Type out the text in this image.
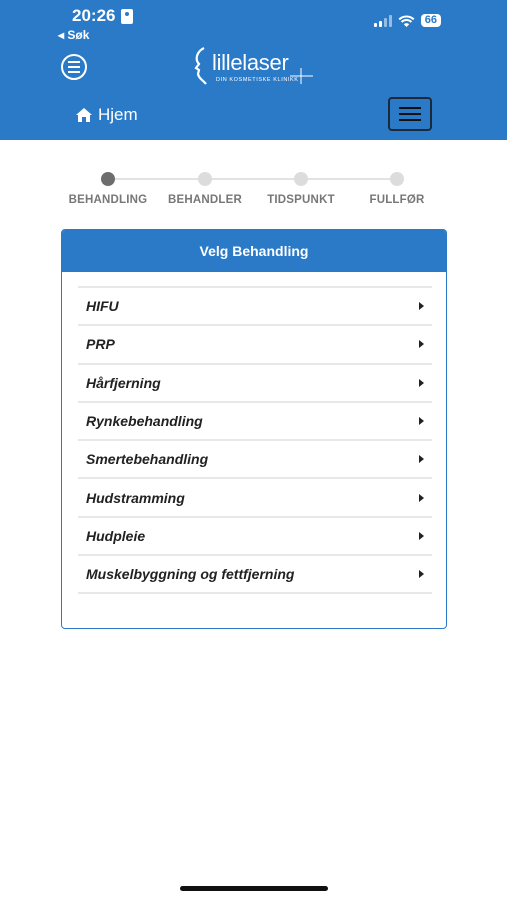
20:26
◂ Søk
66
lillelaser
DIN KOSMETISKE KLINIKK
Hjem
BEHANDLING	BEHANDLER	TIDSPUNKT	FULLFØR
Velg Behandling
HIFU
PRP
Hårfjerning
Rynkebehandling
Smertebehandling
Hudstramming
Hudpleie
Muskelbyggning og fettfjerning
